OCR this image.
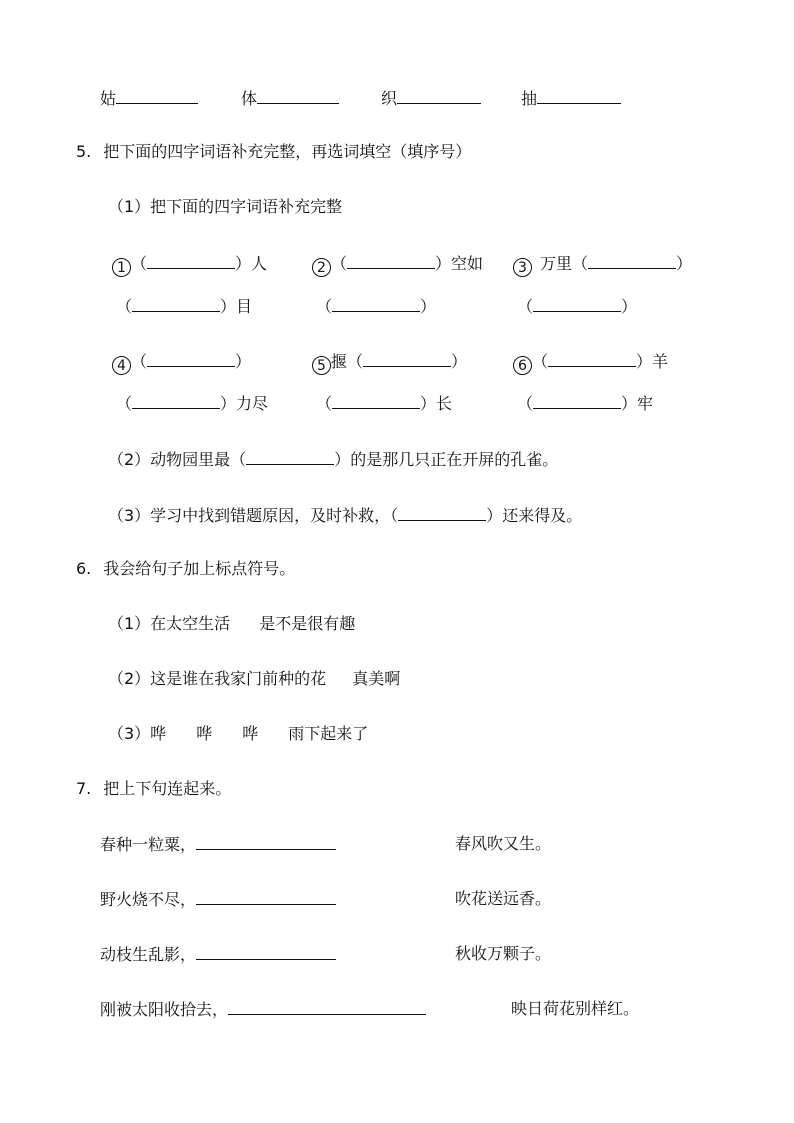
姑	体	织	抽
5. 把下面的四字词语补充完整，再选词填空（填序号）
（1）把下面的四字词语补充完整
1 （	）人	2 （	）空如	3 万里（	）
（	）目	（	）	（	）
4 （	）	5 揠（	）	6 （	）羊
（	）力尽	（	）长	（	）牢
（2）动物园里最（	）的是那几只正在开屏的孔雀。
（3）学习中找到错题原因，及时补救，（	）还来得及。
6. 我会给句子加上标点符号。
（1）在太空生活 是不是很有趣
（2）这是谁在我家门前种的花 真美啊
（3）哗 哗 哗 雨下起来了
7. 把上下句连起来。
春种一粒粟，	春风吹又生。
野火烧不尽，	吹花送远香。
动枝生乱影，	秋收万颗子。
刚被太阳收拾去，	映日荷花别样红。
